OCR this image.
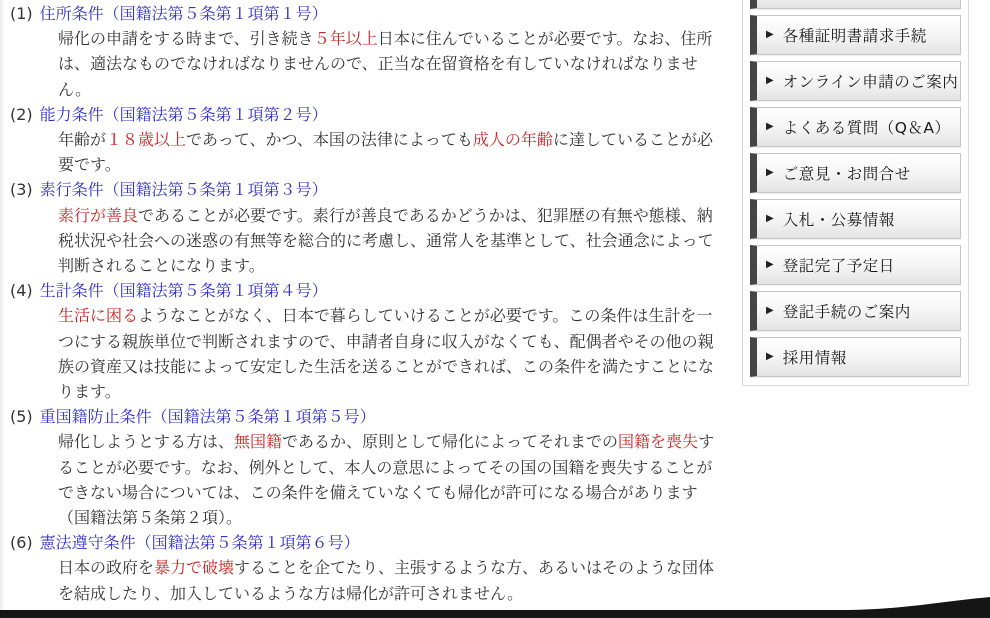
(1) 住所条件（国籍法第５条第１項第１号）

帰化の申請をする時まで、引き続き５年以上日本に住んでいることが必要です。なお、住所は、適法なものでなければなりませんので、正当な在留資格を有していなければなりません。

(2) 能力条件（国籍法第５条第１項第２号）

年齢が１８歳以上であって、かつ、本国の法律によっても成人の年齢に達していることが必要です。

(3) 素行条件（国籍法第５条第１項第３号）

素行が善良であることが必要です。素行が善良であるかどうかは、犯罪歴の有無や態様、納税状況や社会への迷惑の有無等を総合的に考慮し、通常人を基準として、社会通念によって判断されることになります。

(4) 生計条件（国籍法第５条第１項第４号）

生活に困るようなことがなく、日本で暮らしていけることが必要です。この条件は生計を一つにする親族単位で判断されますので、申請者自身に収入がなくても、配偶者やその他の親族の資産又は技能によって安定した生活を送ることができれば、この条件を満たすことになります。

(5) 重国籍防止条件（国籍法第５条第１項第５号）

帰化しようとする方は、無国籍であるか、原則として帰化によってそれまでの国籍を喪失することが必要です。なお、例外として、本人の意思によってその国の国籍を喪失することができない場合については、この条件を備えていなくても帰化が許可になる場合があります（国籍法第５条第２項）。

(6) 憲法遵守条件（国籍法第５条第１項第６号）

日本の政府を暴力で破壊することを企てたり、主張するような方、あるいはそのような団体を結成したり、加入しているような方は帰化が許可されません。

▶ 各種証明書請求手続
▶ オンライン申請のご案内
▶ よくある質問（Q＆A）
▶ ご意見・お問合せ
▶ 入札・公募情報
▶ 登記完了予定日
▶ 登記手続のご案内
▶ 採用情報
